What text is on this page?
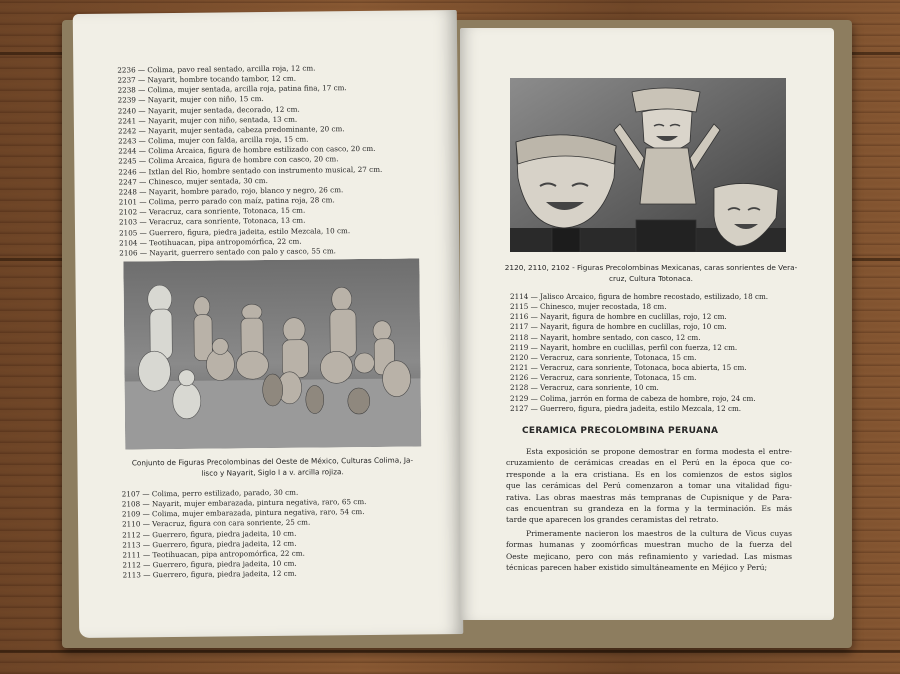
2236 — Colima, pavo real sentado, arcilla roja, 12 cm.
2237 — Nayarit, hombre tocando tambor, 12 cm.
2238 — Colima, mujer sentada, arcilla roja, patina fina, 17 cm.
2239 — Nayarit, mujer con niño, 15 cm.
2240 — Nayarit, mujer sentada, decorado, 12 cm.
2241 — Nayarit, mujer con niño, sentada, 13 cm.
2242 — Nayarit, mujer sentada, cabeza predominante, 20 cm.
2243 — Colima, mujer con falda, arcilla roja, 15 cm.
2244 — Colima Arcaica, figura de hombre estilizado con casco, 20 cm.
2245 — Colima Arcaica, figura de hombre con casco, 20 cm.
2246 — Ixtlan del Rio, hombre sentado con instrumento musical, 27 cm.
2247 — Chinesco, mujer sentada, 30 cm.
2248 — Nayarit, hombre parado, rojo, blanco y negro, 26 cm.
2101 — Colima, perro parado con maíz, patina roja, 28 cm.
2102 — Veracruz, cara sonriente, Totonaca, 15 cm.
2103 — Veracruz, cara sonriente, Totonaca, 13 cm.
2105 — Guerrero, figura, piedra jadeita, estilo Mezcala, 10 cm.
2104 — Teotihuacan, pipa antropomórfica, 22 cm.
2106 — Nayarit, guerrero sentado con palo y casco, 55 cm.
Conjunto de Figuras Precolombinas del Oeste de México, Culturas Colima, Ja-
lisco y Nayarit, Siglo I a v. arcilla rojiza.
2107 — Colima, perro estilizado, parado, 30 cm.
2108 — Nayarit, mujer embarazada, pintura negativa, raro, 65 cm.
2109 — Colima, mujer embarazada, pintura negativa, raro, 54 cm.
2110 — Veracruz, figura con cara sonriente, 25 cm.
2112 — Guerrero, figura, piedra jadeita, 10 cm.
2113 — Guerrero, figura, piedra jadeita, 12 cm.
2111 — Teotihuacan, pipa antropomórfica, 22 cm.
2112 — Guerrero, figura, piedra jadeita, 10 cm.
2113 — Guerrero, figura, piedra jadeita, 12 cm.
2120, 2110, 2102 - Figuras Precolombinas Mexicanas, caras sonrientes de Vera-
cruz, Cultura Totonaca.
2114 — Jalisco Arcaico, figura de hombre recostado, estilizado, 18 cm.
2115 — Chinesco, mujer recostada, 18 cm.
2116 — Nayarit, figura de hombre en cuclillas, rojo, 12 cm.
2117 — Nayarit, figura de hombre en cuclillas, rojo, 10 cm.
2118 — Nayarit, hombre sentado, con casco, 12 cm.
2119 — Nayarit, hombre en cuclillas, perfil con fuerza, 12 cm.
2120 — Veracruz, cara sonriente, Totonaca, 15 cm.
2121 — Veracruz, cara sonriente, Totonaca, boca abierta, 15 cm.
2126 — Veracruz, cara sonriente, Totonaca, 15 cm.
2128 — Veracruz, cara sonriente, 10 cm.
2129 — Colima, jarrón en forma de cabeza de hombre, rojo, 24 cm.
2127 — Guerrero, figura, piedra jadeita, estilo Mezcala, 12 cm.
CERAMICA PRECOLOMBINA PERUANA
Esta exposición se propone demostrar en forma modesta el entre-
cruzamiento de cerámicas creadas en el Perú en la época que co-
rresponde a la era cristiana. Es en los comienzos de estos siglos
que las cerámicas del Perú comenzaron a tomar una vitalidad figu-
rativa. Las obras maestras más tempranas de Cupisnique y de Para-
cas encuentran su grandeza en la forma y la terminación. Es más
tarde que aparecen los grandes ceramistas del retrato.
Primeramente nacieron los maestros de la cultura de Vicus cuyas
formas humanas y zoomórficas muestran mucho de la fuerza del
Oeste mejicano, pero con más refinamiento y variedad. Las mismas
técnicas parecen haber existido simultáneamente en Méjico y Perú;
